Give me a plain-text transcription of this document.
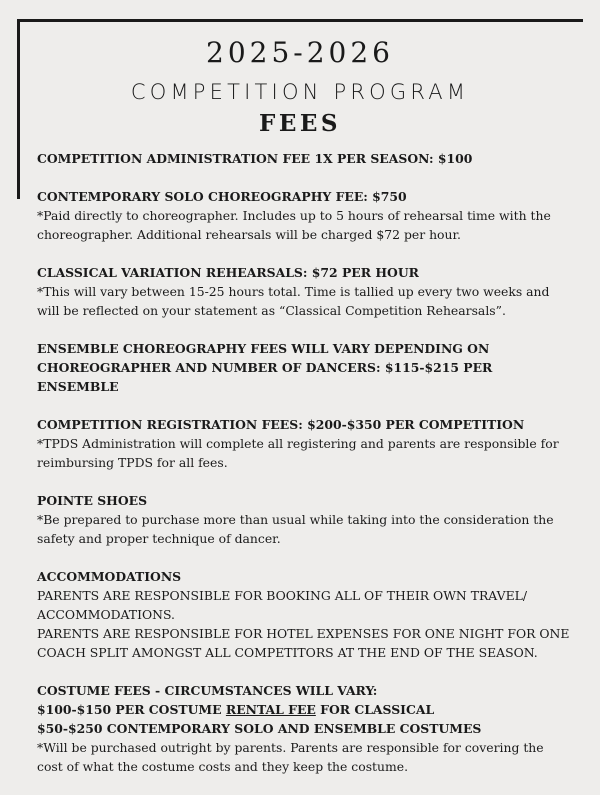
2025-2026
COMPETITION PROGRAM
FEES
COMPETITION ADMINISTRATION FEE 1X PER SEASON: $100
CONTEMPORARY SOLO CHOREOGRAPHY FEE: $750
*Paid directly to choreographer. Includes up to 5 hours of rehearsal time with the choreographer. Additional rehearsals will be charged $72 per hour.
CLASSICAL VARIATION REHEARSALS: $72 PER HOUR
*This will vary between 15-25 hours total. Time is tallied up every two weeks and will be reflected on your statement as “Classical Competition Rehearsals”.
ENSEMBLE CHOREOGRAPHY FEES WILL VARY DEPENDING ON
CHOREOGRAPHER AND NUMBER OF DANCERS: $115-$215 PER ENSEMBLE
COMPETITION REGISTRATION FEES: $200-$350 PER COMPETITION
*TPDS Administration will complete all registering and parents are responsible for reimbursing TPDS for all fees.
POINTE SHOES
*Be prepared to purchase more than usual while taking into the consideration the safety and proper technique of dancer.
ACCOMMODATIONS
PARENTS ARE RESPONSIBLE FOR BOOKING ALL OF THEIR OWN TRAVEL/
ACCOMMODATIONS.
PARENTS ARE RESPONSIBLE FOR HOTEL EXPENSES FOR ONE NIGHT FOR ONE
COACH SPLIT AMONGST ALL COMPETITORS AT THE END OF THE SEASON.
COSTUME FEES - CIRCUMSTANCES WILL VARY:
$100-$150 PER COSTUME RENTAL FEE FOR CLASSICAL
$50-$250 CONTEMPORARY SOLO AND ENSEMBLE COSTUMES
*Will be purchased outright by parents. Parents are responsible for covering the cost of what the costume costs and they keep the costume.
